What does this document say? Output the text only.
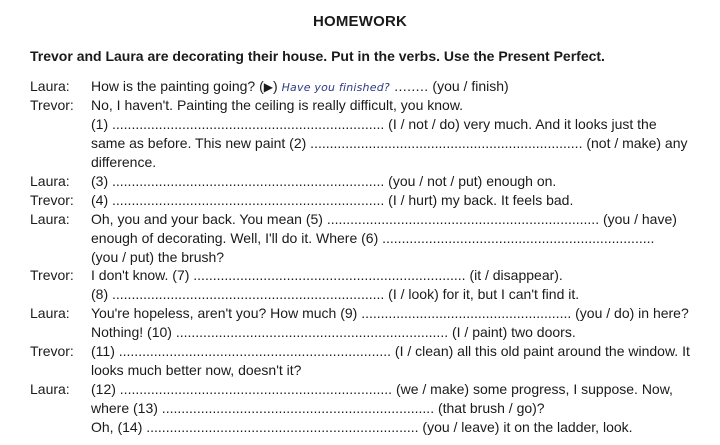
HOMEWORK
Trevor and Laura are decorating their house. Put in the verbs. Use the Present Perfect.
Laura:
Trevor:
Laura:
Trevor:
Laura:
Trevor:
Laura:
Trevor:
Laura:
How is the painting going? (▶) Have you finished? ........ (you / finish)
No, I haven't. Painting the ceiling is really difficult, you know.
(1) ...................................................................... (I / not / do) very much. And it looks just the
same as before. This new paint (2) ...................................................................... (not / make) any
difference.
(3) ...................................................................... (you / not / put) enough on.
(4) ...................................................................... (I / hurt) my back. It feels bad.
Oh, you and your back. You mean (5) ...................................................................... (you / have)
enough of decorating. Well, I'll do it. Where (6) ......................................................................
(you / put) the brush?
I don't know. (7) ...................................................................... (it / disappear).
(8) ...................................................................... (I / look) for it, but I can't find it.
You're hopeless, aren't you? How much (9) ...................................................... (you / do) in here?
Nothing! (10) ...................................................................... (I / paint) two doors.
(11) ...................................................................... (I / clean) all this old paint around the window. It
looks much better now, doesn't it?
(12) ...................................................................... (we / make) some progress, I suppose. Now,
where (13) ...................................................................... (that brush / go)?
Oh, (14) ...................................................................... (you / leave) it on the ladder, look.
